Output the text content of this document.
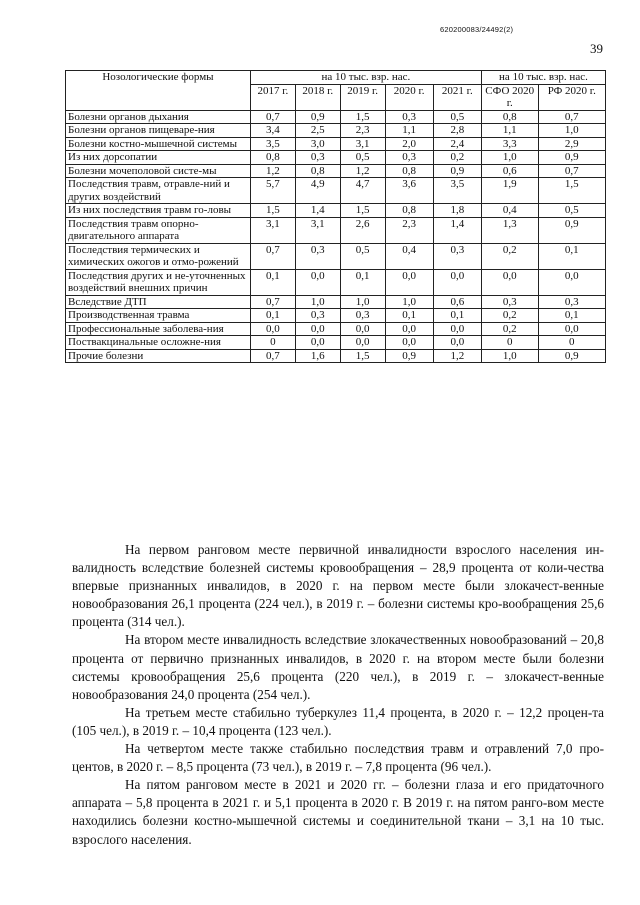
620200083/24492(2)
39
Нозологические формы	на 10 тыс. взр. нас.					на 10 тыс. взр. нас.	
	2017 г.	2018 г.	2019 г.	2020 г.	2021 г.	СФО 2020 г.	РФ 2020 г.
Болезни органов дыхания	0,7	0,9	1,5	0,3	0,5	0,8	0,7
Болезни органов пищеваре-ния	3,4	2,5	2,3	1,1	2,8	1,1	1,0
Болезни костно-мышечной системы	3,5	3,0	3,1	2,0	2,4	3,3	2,9
Из них дорсопатии	0,8	0,3	0,5	0,3	0,2	1,0	0,9
Болезни мочеполовой систе-мы	1,2	0,8	1,2	0,8	0,9	0,6	0,7
Последствия травм, отравле-ний и других воздействий	5,7	4,9	4,7	3,6	3,5	1,9	1,5
Из них последствия травм го-ловы	1,5	1,4	1,5	0,8	1,8	0,4	0,5
Последствия травм опорно-двигательного аппарата	3,1	3,1	2,6	2,3	1,4	1,3	0,9
Последствия термических и химических ожогов и отмо-рожений	0,7	0,3	0,5	0,4	0,3	0,2	0,1
Последствия других и не-уточненных воздействий внешних причин	0,1	0,0	0,1	0,0	0,0	0,0	0,0
Вследствие ДТП	0,7	1,0	1,0	1,0	0,6	0,3	0,3
Производственная травма	0,1	0,3	0,3	0,1	0,1	0,2	0,1
Профессиональные заболева-ния	0,0	0,0	0,0	0,0	0,0	0,2	0,0
Поствакцинальные осложне-ния	0	0,0	0,0	0,0	0,0	0	0
Прочие болезни	0,7	1,6	1,5	0,9	1,2	1,0	0,9

На первом ранговом месте первичной инвалидности взрослого населения ин-валидность вследствие болезней системы кровообращения – 28,9 процента от коли-чества впервые признанных инвалидов, в 2020 г. на первом месте были злокачест-венные новообразования 26,1 процента (224 чел.), в 2019 г. – болезни системы кро-вообращения 25,6 процента (314 чел.).

На втором месте инвалидность вследствие злокачественных новообразований – 20,8 процента от первично признанных инвалидов, в 2020 г. на втором месте были болезни системы кровообращения 25,6 процента (220 чел.), в 2019 г. – злокачест-венные новообразования 24,0 процента (254 чел.).

На третьем месте стабильно туберкулез 11,4 процента, в 2020 г. – 12,2 процен-та (105 чел.), в 2019 г. – 10,4 процента (123 чел.).

На четвертом месте также стабильно последствия травм и отравлений 7,0 про-центов, в 2020 г. – 8,5 процента (73 чел.), в 2019 г. – 7,8 процента (96 чел.).

На пятом ранговом месте в 2021 и 2020 гг. – болезни глаза и его придаточного аппарата – 5,8 процента в 2021 г. и 5,1 процента в 2020 г. В 2019 г. на пятом ранго-вом месте находились болезни костно-мышечной системы и соединительной ткани – 3,1 на 10 тыс. взрослого населения.
